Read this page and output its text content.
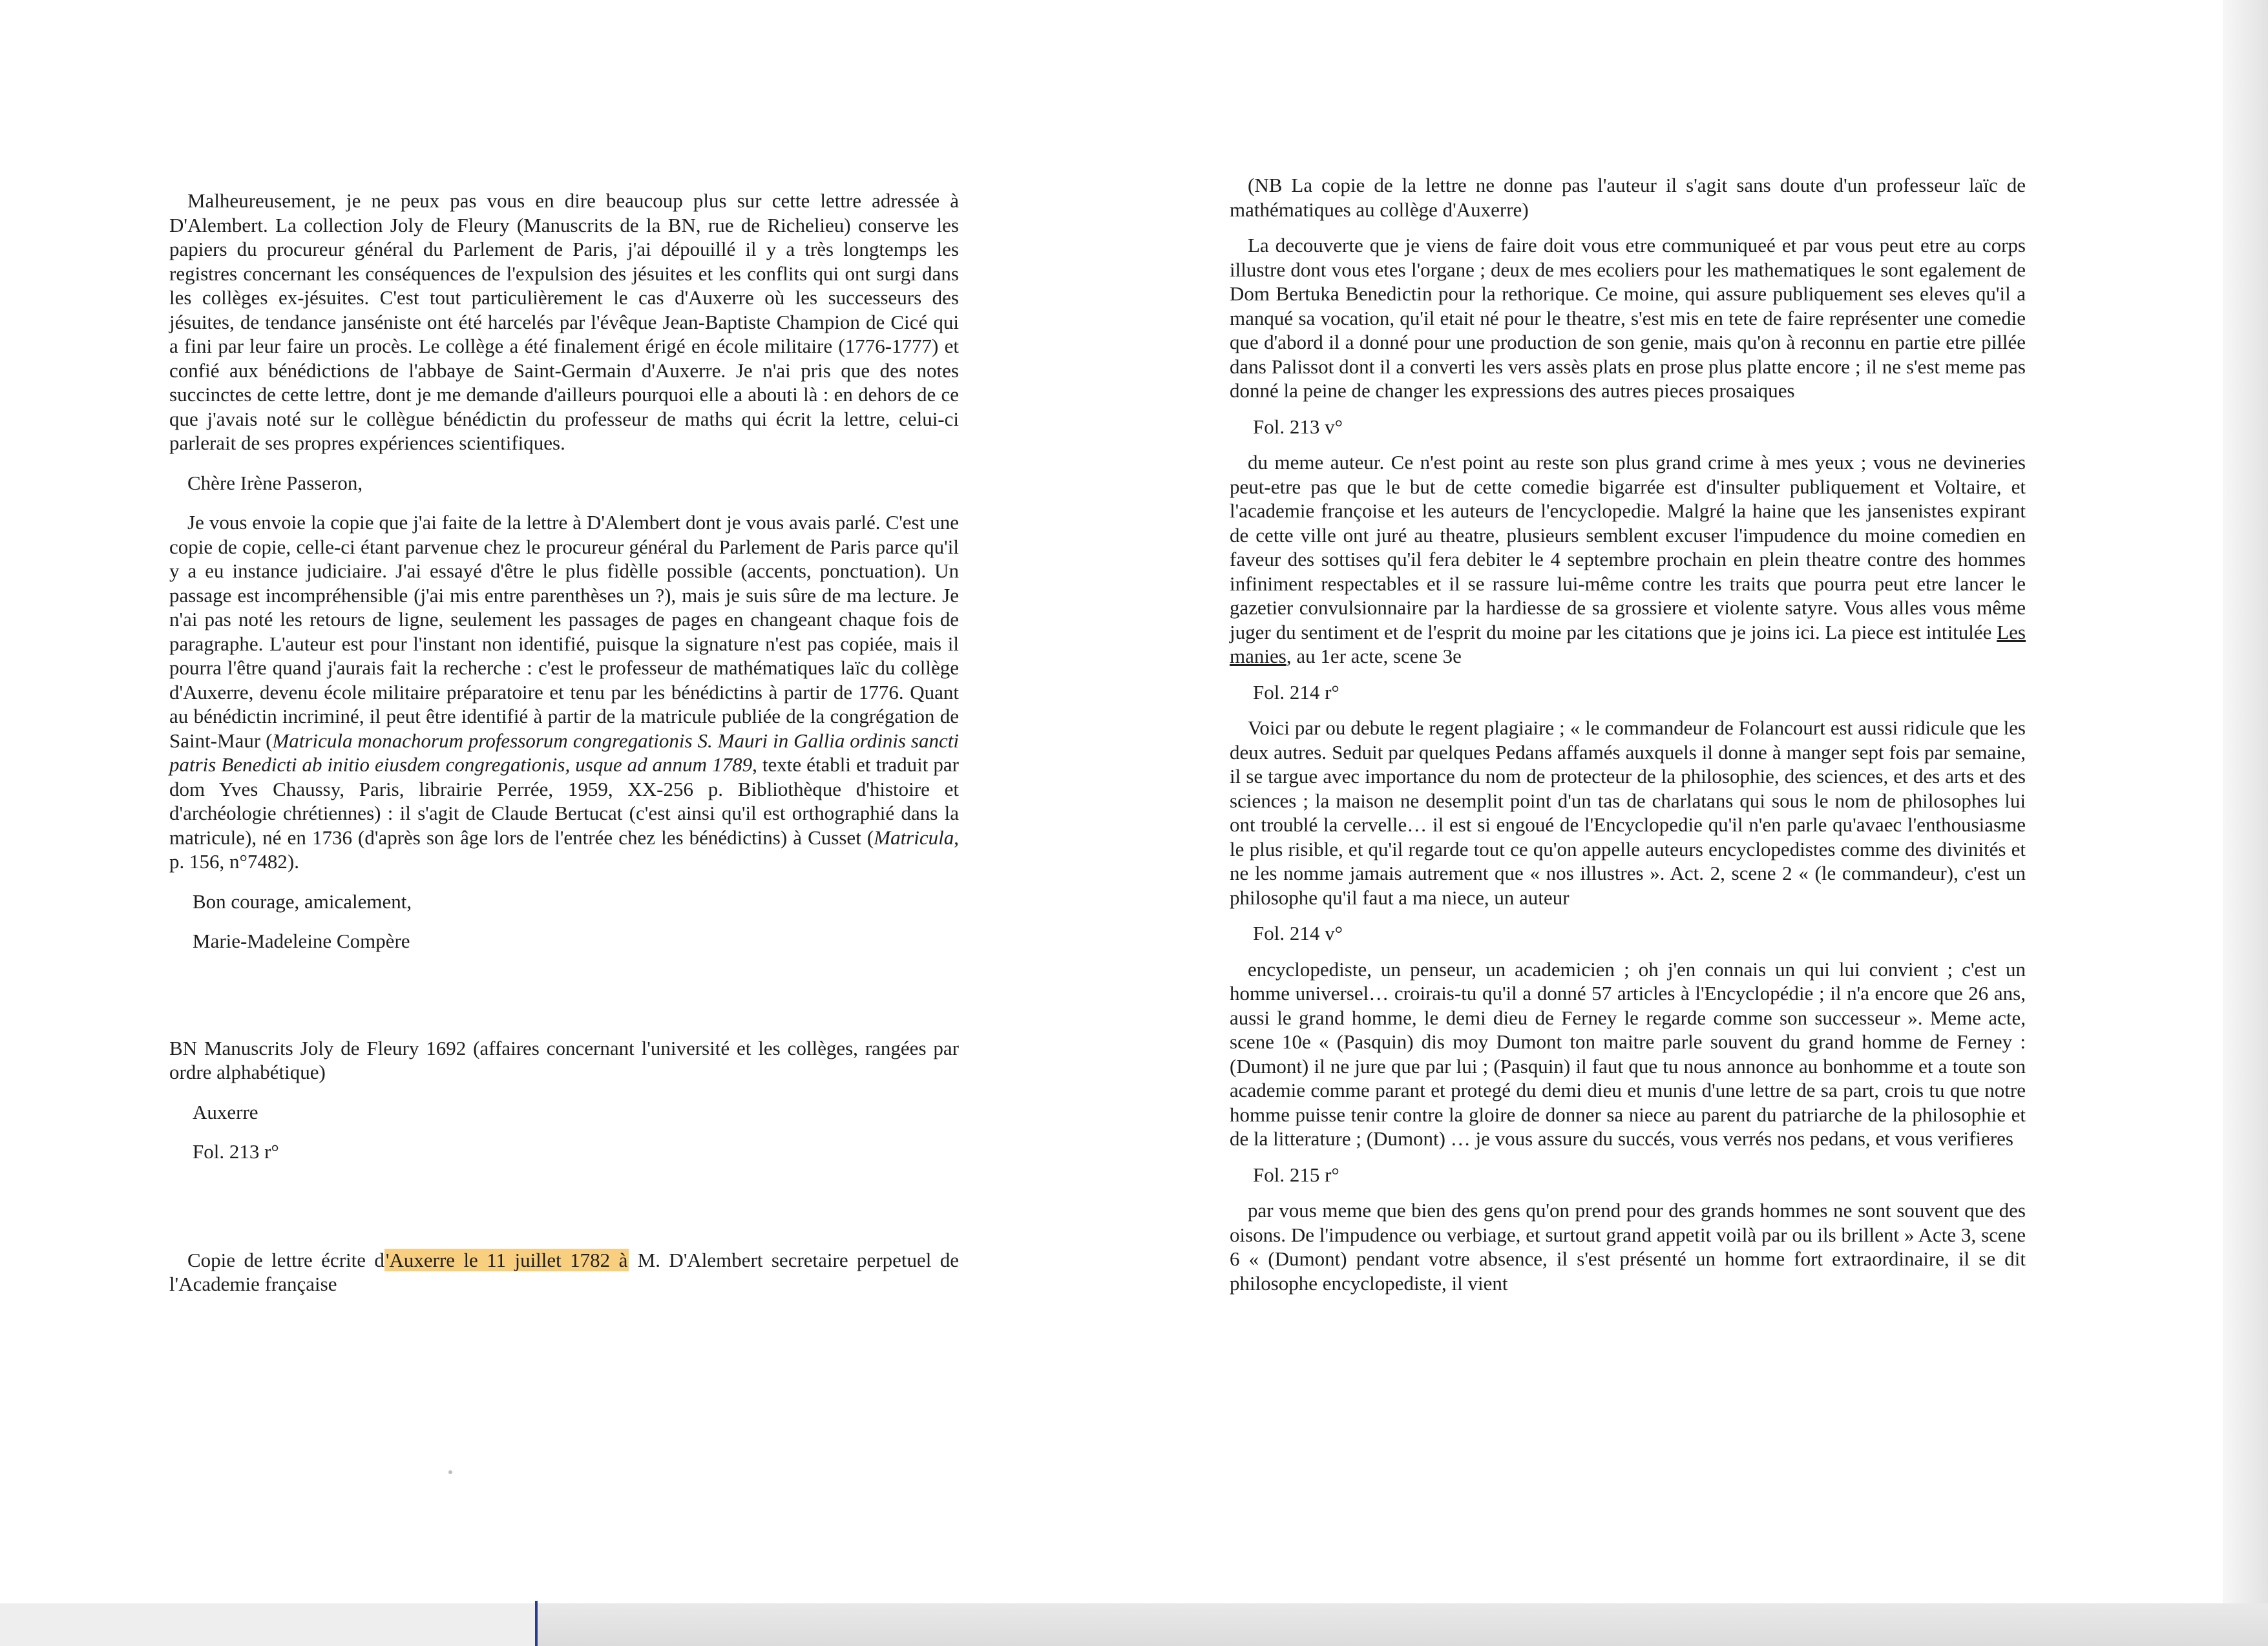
Malheureusement, je ne peux pas vous en dire beaucoup plus sur cette lettre adressée à D'Alembert. La collection Joly de Fleury (Manuscrits de la BN, rue de Richelieu) conserve les papiers du procureur général du Parlement de Paris, j'ai dépouillé il y a très longtemps les registres concernant les conséquences de l'expulsion des jésuites et les conflits qui ont surgi dans les collèges ex-jésuites. C'est tout particulièrement le cas d'Auxerre où les successeurs des jésuites, de tendance janséniste ont été harcelés par l'évêque Jean-Baptiste Champion de Cicé qui a fini par leur faire un procès. Le collège a été finalement érigé en école militaire (1776-1777) et confié aux bénédictions de l'abbaye de Saint-Germain d'Auxerre. Je n'ai pris que des notes succinctes de cette lettre, dont je me demande d'ailleurs pourquoi elle a abouti là : en dehors de ce que j'avais noté sur le collègue bénédictin du professeur de maths qui écrit la lettre, celui-ci parlerait de ses propres expériences scientifiques.

Chère Irène Passeron,

Je vous envoie la copie que j'ai faite de la lettre à D'Alembert dont je vous avais parlé. C'est une copie de copie, celle-ci étant parvenue chez le procureur général du Parlement de Paris parce qu'il y a eu instance judiciaire. J'ai essayé d'être le plus fidèlle possible (accents, ponctuation). Un passage est incompréhensible (j'ai mis entre parenthèses un ?), mais je suis sûre de ma lecture. Je n'ai pas noté les retours de ligne, seulement les passages de pages en changeant chaque fois de paragraphe. L'auteur est pour l'instant non identifié, puisque la signature n'est pas copiée, mais il pourra l'être quand j'aurais fait la recherche : c'est le professeur de mathématiques laïc du collège d'Auxerre, devenu école militaire préparatoire et tenu par les bénédictins à partir de 1776. Quant au bénédictin incriminé, il peut être identifié à partir de la matricule publiée de la congrégation de Saint-Maur (Matricula monachorum professorum congregationis S. Mauri in Gallia ordinis sancti patris Benedicti ab initio eiusdem congregationis, usque ad annum 1789, texte établi et traduit par dom Yves Chaussy, Paris, librairie Perrée, 1959, XX-256 p. Bibliothèque d'histoire et d'archéologie chrétiennes) : il s'agit de Claude Bertucat (c'est ainsi qu'il est orthographié dans la matricule), né en 1736 (d'après son âge lors de l'entrée chez les bénédictins) à Cusset (Matricula, p. 156, n°7482).

Bon courage, amicalement,

Marie-Madeleine Compère

BN Manuscrits Joly de Fleury 1692 (affaires concernant l'université et les collèges, rangées par ordre alphabétique)

Auxerre

Fol. 213 r°

Copie de lettre écrite d'Auxerre le 11 juillet 1782 à M. D'Alembert secretaire perpetuel de l'Academie française

(NB La copie de la lettre ne donne pas l'auteur il s'agit sans doute d'un professeur laïc de mathématiques au collège d'Auxerre)

La decouverte que je viens de faire doit vous etre communiqueé et par vous peut etre au corps illustre dont vous etes l'organe ; deux de mes ecoliers pour les mathematiques le sont egalement de Dom Bertuka Benedictin pour la rethorique. Ce moine, qui assure publiquement ses eleves qu'il a manqué sa vocation, qu'il etait né pour le theatre, s'est mis en tete de faire représenter une comedie que d'abord il a donné pour une production de son genie, mais qu'on à reconnu en partie etre pillée dans Palissot dont il a converti les vers assès plats en prose plus platte encore ; il ne s'est meme pas donné la peine de changer les expressions des autres pieces prosaiques

Fol. 213 v°

du meme auteur. Ce n'est point au reste son plus grand crime à mes yeux ; vous ne devineries peut-etre pas que le but de cette comedie bigarrée est d'insulter publiquement et Voltaire, et l'academie françoise et les auteurs de l'encyclopedie. Malgré la haine que les jansenistes expirant de cette ville ont juré au theatre, plusieurs semblent excuser l'impudence du moine comedien en faveur des sottises qu'il fera debiter le 4 septembre prochain en plein theatre contre des hommes infiniment respectables et il se rassure lui-même contre les traits que pourra peut etre lancer le gazetier convulsionnaire par la hardiesse de sa grossiere et violente satyre. Vous alles vous même juger du sentiment et de l'esprit du moine par les citations que je joins ici. La piece est intitulée Les manies, au 1er acte, scene 3e

Fol. 214 r°

Voici par ou debute le regent plagiaire ; « le commandeur de Folancourt est aussi ridicule que les deux autres. Seduit par quelques Pedans affamés auxquels il donne à manger sept fois par semaine, il se targue avec importance du nom de protecteur de la philosophie, des sciences, et des arts et des sciences ; la maison ne desemplit point d'un tas de charlatans qui sous le nom de philosophes lui ont troublé la cervelle… il est si engoué de l'Encyclopedie qu'il n'en parle qu'avaec l'enthousiasme le plus risible, et qu'il regarde tout ce qu'on appelle auteurs encyclopedistes comme des divinités et ne les nomme jamais autrement que « nos illustres ». Act. 2, scene 2 « (le commandeur), c'est un philosophe qu'il faut a ma niece, un auteur

Fol. 214 v°

encyclopediste, un penseur, un academicien ; oh j'en connais un qui lui convient ; c'est un homme universel… croirais-tu qu'il a donné 57 articles à l'Encyclopédie ; il n'a encore que 26 ans, aussi le grand homme, le demi dieu de Ferney le regarde comme son successeur ». Meme acte, scene 10e « (Pasquin) dis moy Dumont ton maitre parle souvent du grand homme de Ferney : (Dumont) il ne jure que par lui ; (Pasquin) il faut que tu nous annonce au bonhomme et a toute son academie comme parant et protegé du demi dieu et munis d'une lettre de sa part, crois tu que notre homme puisse tenir contre la gloire de donner sa niece au parent du patriarche de la philosophie et de la litterature ; (Dumont) … je vous assure du succés, vous verrés nos pedans, et vous verifieres

Fol. 215 r°

par vous meme que bien des gens qu'on prend pour des grands hommes ne sont souvent que des oisons. De l'impudence ou verbiage, et surtout grand appetit voilà par ou ils brillent » Acte 3, scene 6 « (Dumont) pendant votre absence, il s'est présenté un homme fort extraordinaire, il se dit philosophe encyclopediste, il vient
